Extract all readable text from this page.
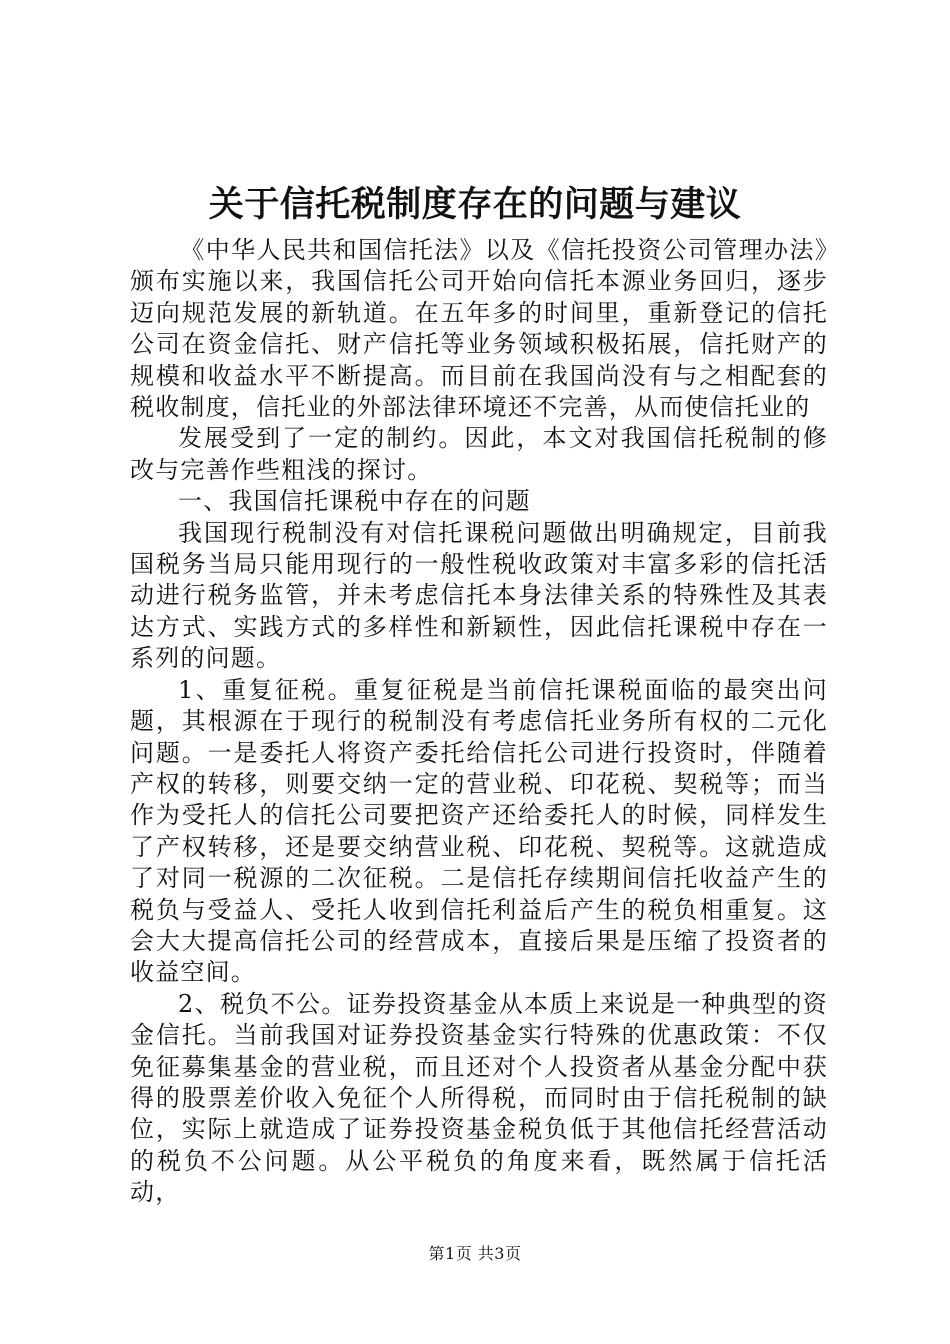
关于信托税制度存在的问题与建议

《中华人民共和国信托法》以及《信托投资公司管理办法》颁布实施以来，我国信托公司开始向信托本源业务回归，逐步迈向规范发展的新轨道。在五年多的时间里，重新登记的信托公司在资金信托、财产信托等业务领域积极拓展，信托财产的规模和收益水平不断提高。而目前在我国尚没有与之相配套的税收制度，信托业的外部法律环境还不完善，从而使信托业的

发展受到了一定的制约。因此，本文对我国信托税制的修改与完善作些粗浅的探讨。

一、我国信托课税中存在的问题

我国现行税制没有对信托课税问题做出明确规定，目前我国税务当局只能用现行的一般性税收政策对丰富多彩的信托活动进行税务监管，并未考虑信托本身法律关系的特殊性及其表达方式、实践方式的多样性和新颖性，因此信托课税中存在一系列的问题。

1、重复征税。重复征税是当前信托课税面临的最突出问题，其根源在于现行的税制没有考虑信托业务所有权的二元化问题。一是委托人将资产委托给信托公司进行投资时，伴随着产权的转移，则要交纳一定的营业税、印花税、契税等；而当作为受托人的信托公司要把资产还给委托人的时候，同样发生了产权转移，还是要交纳营业税、印花税、契税等。这就造成了对同一税源的二次征税。二是信托存续期间信托收益产生的税负与受益人、受托人收到信托利益后产生的税负相重复。这会大大提高信托公司的经营成本，直接后果是压缩了投资者的收益空间。

2、税负不公。证券投资基金从本质上来说是一种典型的资金信托。当前我国对证券投资基金实行特殊的优惠政策：不仅免征募集基金的营业税，而且还对个人投资者从基金分配中获得的股票差价收入免征个人所得税，而同时由于信托税制的缺位，实际上就造成了证券投资基金税负低于其他信托经营活动的税负不公问题。从公平税负的角度来看，既然属于信托活动，

第1页 共3页
